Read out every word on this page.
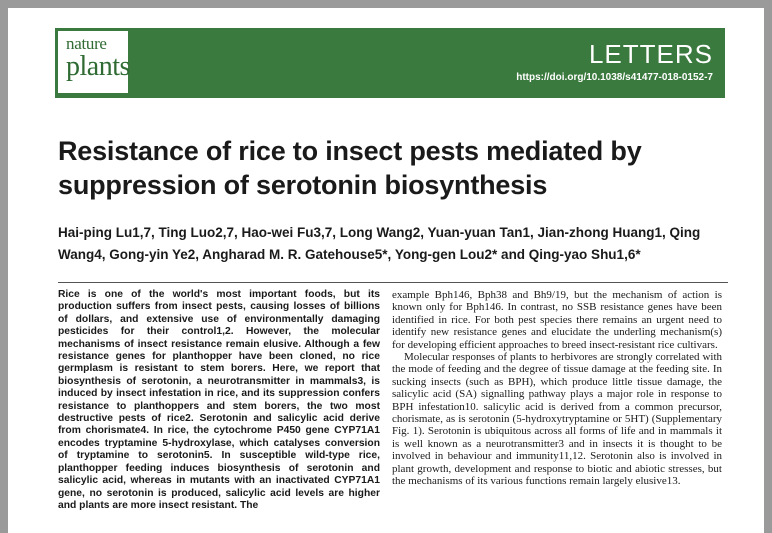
LETTERS
https://doi.org/10.1038/s41477-018-0152-7
nature
plants
Resistance of rice to insect pests mediated by suppression of serotonin biosynthesis
Hai-ping Lu1,7, Ting Luo2,7, Hao-wei Fu3,7, Long Wang2, Yuan-yuan Tan1, Jian-zhong Huang1, Qing Wang4, Gong-yin Ye2, Angharad M. R. Gatehouse5*, Yong-gen Lou2* and Qing-yao Shu1,6*
Rice is one of the world's most important foods, but its production suffers from insect pests, causing losses of billions of dollars, and extensive use of environmentally damaging pesticides for their control1,2. However, the molecular mechanisms of insect resistance remain elusive. Although a few resistance genes for planthopper have been cloned, no rice germplasm is resistant to stem borers. Here, we report that biosynthesis of serotonin, a neurotransmitter in mammals3, is induced by insect infestation in rice, and its suppression confers resistance to planthoppers and stem borers, the two most destructive pests of rice2. Serotonin and salicylic acid derive from chorismate4. In rice, the cytochrome P450 gene CYP71A1 encodes tryptamine 5-hydroxylase, which catalyses conversion of tryptamine to serotonin5. In susceptible wild-type rice, planthopper feeding induces biosynthesis of serotonin and salicylic acid, whereas in mutants with an inactivated CYP71A1 gene, no serotonin is produced, salicylic acid levels are higher and plants are more insect resistant. The

example Bph146, Bph38 and Bh9/19, but the mechanism of action is known only for Bph146. In contrast, no SSB resistance genes have been identified in rice. For both pest species there remains an urgent need to identify new resistance genes and elucidate the underling mechanism(s) for developing efficient approaches to breed insect-resistant rice cultivars.

Molecular responses of plants to herbivores are strongly correlated with the mode of feeding and the degree of tissue damage at the feeding site. In sucking insects (such as BPH), which produce little tissue damage, the salicylic acid (SA) signalling pathway plays a major role in response to BPH infestation10. salicylic acid is derived from a common precursor, chorismate, as is serotonin (5-hydroxytryptamine or 5HT) (Supplementary Fig. 1). Serotonin is ubiquitous across all forms of life and in mammals it is well known as a neurotransmitter3 and in insects it is thought to be involved in behaviour and immunity11,12. Serotonin also is involved in plant growth, development and response to biotic and abiotic stresses, but the mechanisms of its various functions remain largely elusive13.
